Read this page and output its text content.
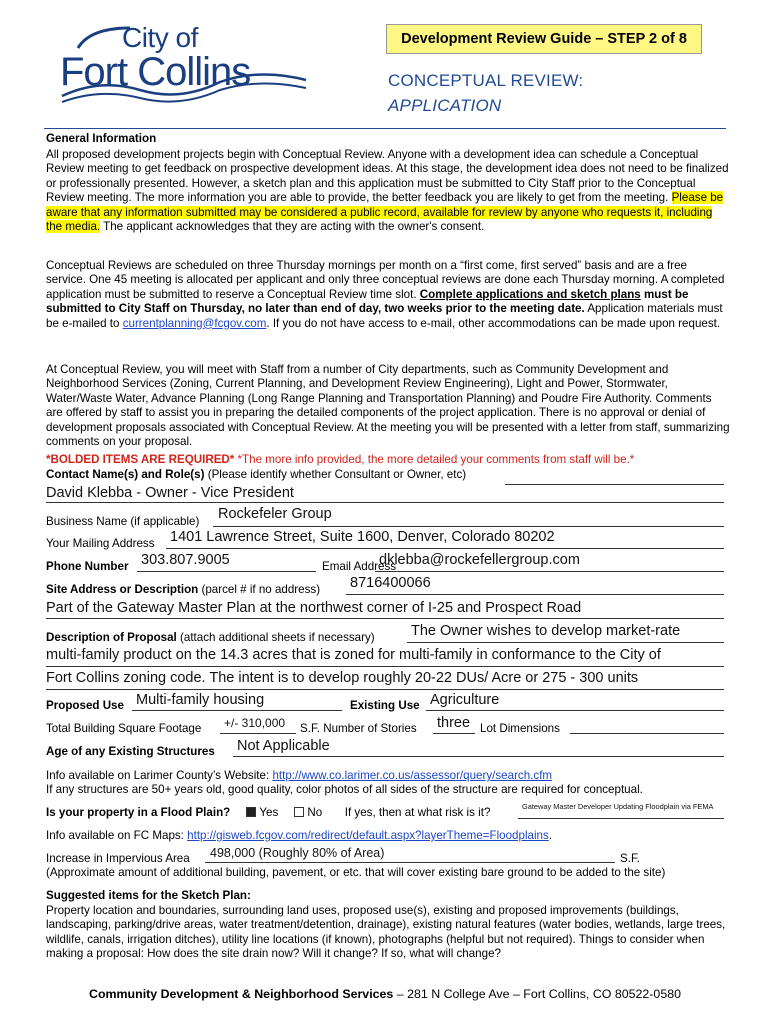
City of
Fort Collins
Development Review Guide – STEP 2 of 8
CONCEPTUAL REVIEW:
APPLICATION
General Information
All proposed development projects begin with Conceptual Review. Anyone with a development idea can schedule a Conceptual Review meeting to get feedback on prospective development ideas. At this stage, the development idea does not need to be finalized or professionally presented. However, a sketch plan and this application must be submitted to City Staff prior to the Conceptual Review meeting. The more information you are able to provide, the better feedback you are likely to get from the meeting. Please be aware that any information submitted may be considered a public record, available for review by anyone who requests it, including the media. The applicant acknowledges that they are acting with the owner's consent.
Conceptual Reviews are scheduled on three Thursday mornings per month on a “first come, first served” basis and are a free service. One 45 meeting is allocated per applicant and only three conceptual reviews are done each Thursday morning. A completed application must be submitted to reserve a Conceptual Review time slot. Complete applications and sketch plans must be submitted to City Staff on Thursday, no later than end of day, two weeks prior to the meeting date. Application materials must be e-mailed to currentplanning@fcgov.com. If you do not have access to e-mail, other accommodations can be made upon request.
At Conceptual Review, you will meet with Staff from a number of City departments, such as Community Development and Neighborhood Services (Zoning, Current Planning, and Development Review Engineering), Light and Power, Stormwater, Water/Waste Water, Advance Planning (Long Range Planning and Transportation Planning) and Poudre Fire Authority. Comments are offered by staff to assist you in preparing the detailed components of the project application. There is no approval or denial of development proposals associated with Conceptual Review. At the meeting you will be presented with a letter from staff, summarizing comments on your proposal.
*BOLDED ITEMS ARE REQUIRED* *The more info provided, the more detailed your comments from staff will be.*
Contact Name(s) and Role(s) (Please identify whether Consultant or Owner, etc)
David Klebba - Owner - Vice President
Business Name (if applicable) Rockefeler Group
Your Mailing Address 1401 Lawrence Street, Suite 1600, Denver, Colorado 80202
Phone Number 303.807.9005	Email Address
dklebba@rockefellergroup.com
Site Address or Description (parcel # if no address) 8716400066
Part of the Gateway Master Plan at the northwest corner of I-25 and Prospect Road
Description of Proposal (attach additional sheets if necessary)	The Owner wishes to develop market-rate
multi-family product on the 14.3 acres that is zoned for multi-family in conformance to the City of
Fort Collins zoning code. The intent is to develop roughly 20-22 DUs/ Acre or 275 - 300 units
Proposed Use Multi-family housing	Existing Use Agriculture
Total Building Square Footage +/- 310,000 S.F. Number of Stories three Lot Dimensions
Age of any Existing Structures Not Applicable
Info available on Larimer County’s Website: http://www.co.larimer.co.us/assessor/query/search.cfm
If any structures are 50+ years old, good quality, color photos of all sides of the structure are required for conceptual.
Is your property in a Flood Plain?	Yes	No If yes, then at what risk is it?	Gateway Master Developer Updating Floodplain via FEMA
Info available on FC Maps: http://gisweb.fcgov.com/redirect/default.aspx?layerTheme=Floodplains.
Increase in Impervious Area 498,000 (Roughly 80% of Area)	S.F.
(Approximate amount of additional building, pavement, or etc. that will cover existing bare ground to be added to the site)
Suggested items for the Sketch Plan:
Property location and boundaries, surrounding land uses, proposed use(s), existing and proposed improvements (buildings, landscaping, parking/drive areas, water treatment/detention, drainage), existing natural features (water bodies, wetlands, large trees, wildlife, canals, irrigation ditches), utility line locations (if known), photographs (helpful but not required). Things to consider when making a proposal: How does the site drain now? Will it change? If so, what will change?
Community Development & Neighborhood Services – 281 N College Ave – Fort Collins, CO 80522-0580
